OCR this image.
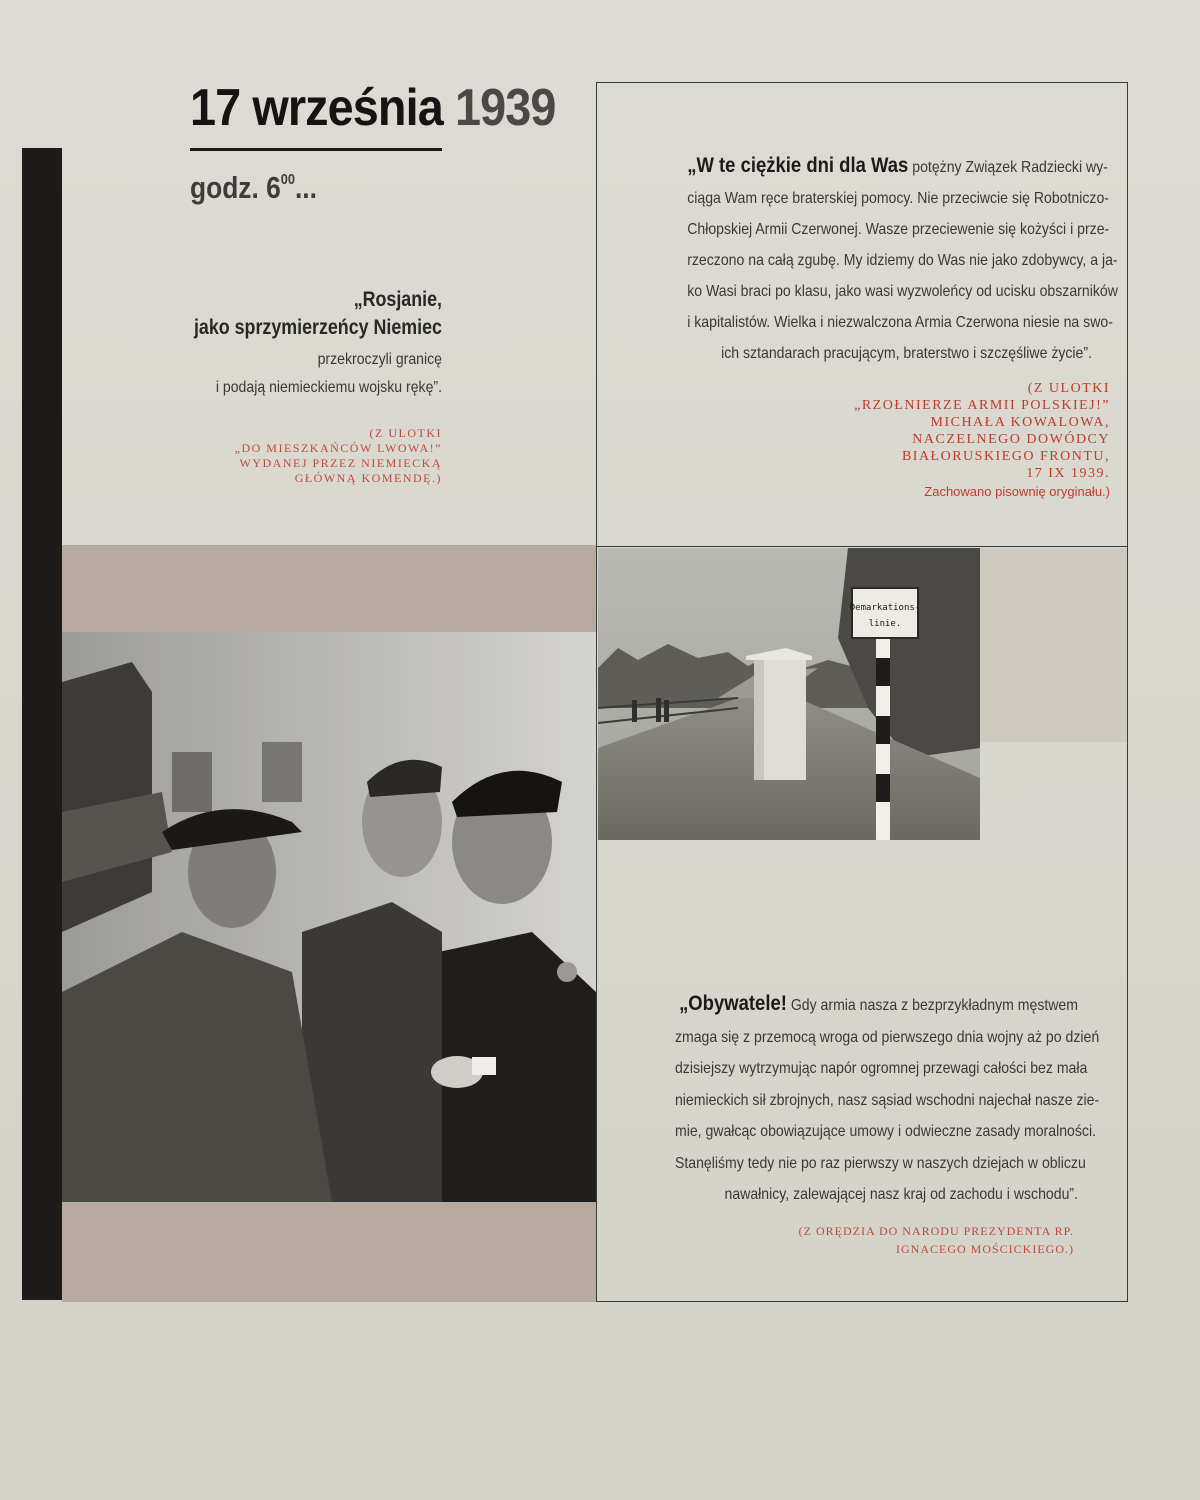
17 września 1939
godz. $6^{00}$...
„Rosjanie,
jako sprzymierzeńcy Niemiec
przekroczyli granicę
i podają niemieckiemu wojsku rękę”.
(Z ULOTKI
„DO MIESZKAŃCÓW LWOWA!”
WYDANEJ PRZEZ NIEMIECKĄ
GŁÓWNĄ KOMENDĘ.)
„W te ciężkie dni dla Was potężny Związek Radziecki wy-
ciąga Wam ręce braterskiej pomocy. Nie przeciwcie się Robotniczo-
Chłopskiej Armii Czerwonej. Wasze przeciewenie się kożyści i prze-
rzeczono na całą zgubę. My idziemy do Was nie jako zdobywcy, a ja-
ko Wasi braci po klasu, jako wasi wyzwoleńcy od ucisku obszarników
i kapitalistów. Wielka i niezwalczona Armia Czerwona niesie na swo-
ich sztandarach pracującym, braterstwo i szczęśliwe życie”.
(Z ULOTKI
„RZOŁNIERZE ARMII POLSKIEJ!”
MICHAŁA KOWALOWA,
NACZELNEGO DOWÓDCY
BIAŁORUSKIEGO FRONTU,
17 IX 1939.
Zachowano pisownię oryginału.)
Demarkations-
linie.
„Obywatele! Gdy armia nasza z bezprzykładnym męstwem
zmaga się z przemocą wroga od pierwszego dnia wojny aż po dzień
dzisiejszy wytrzymując napór ogromnej przewagi całości bez mała
niemieckich sił zbrojnych, nasz sąsiad wschodni najechał nasze zie-
mie, gwałcąc obowiązujące umowy i odwieczne zasady moralności.
Stanęliśmy tedy nie po raz pierwszy w naszych dziejach w obliczu
nawałnicy, zalewającej nasz kraj od zachodu i wschodu”.
(Z ORĘDZIA DO NARODU PREZYDENTA RP.
IGNACEGO MOŚCICKIEGO.)
